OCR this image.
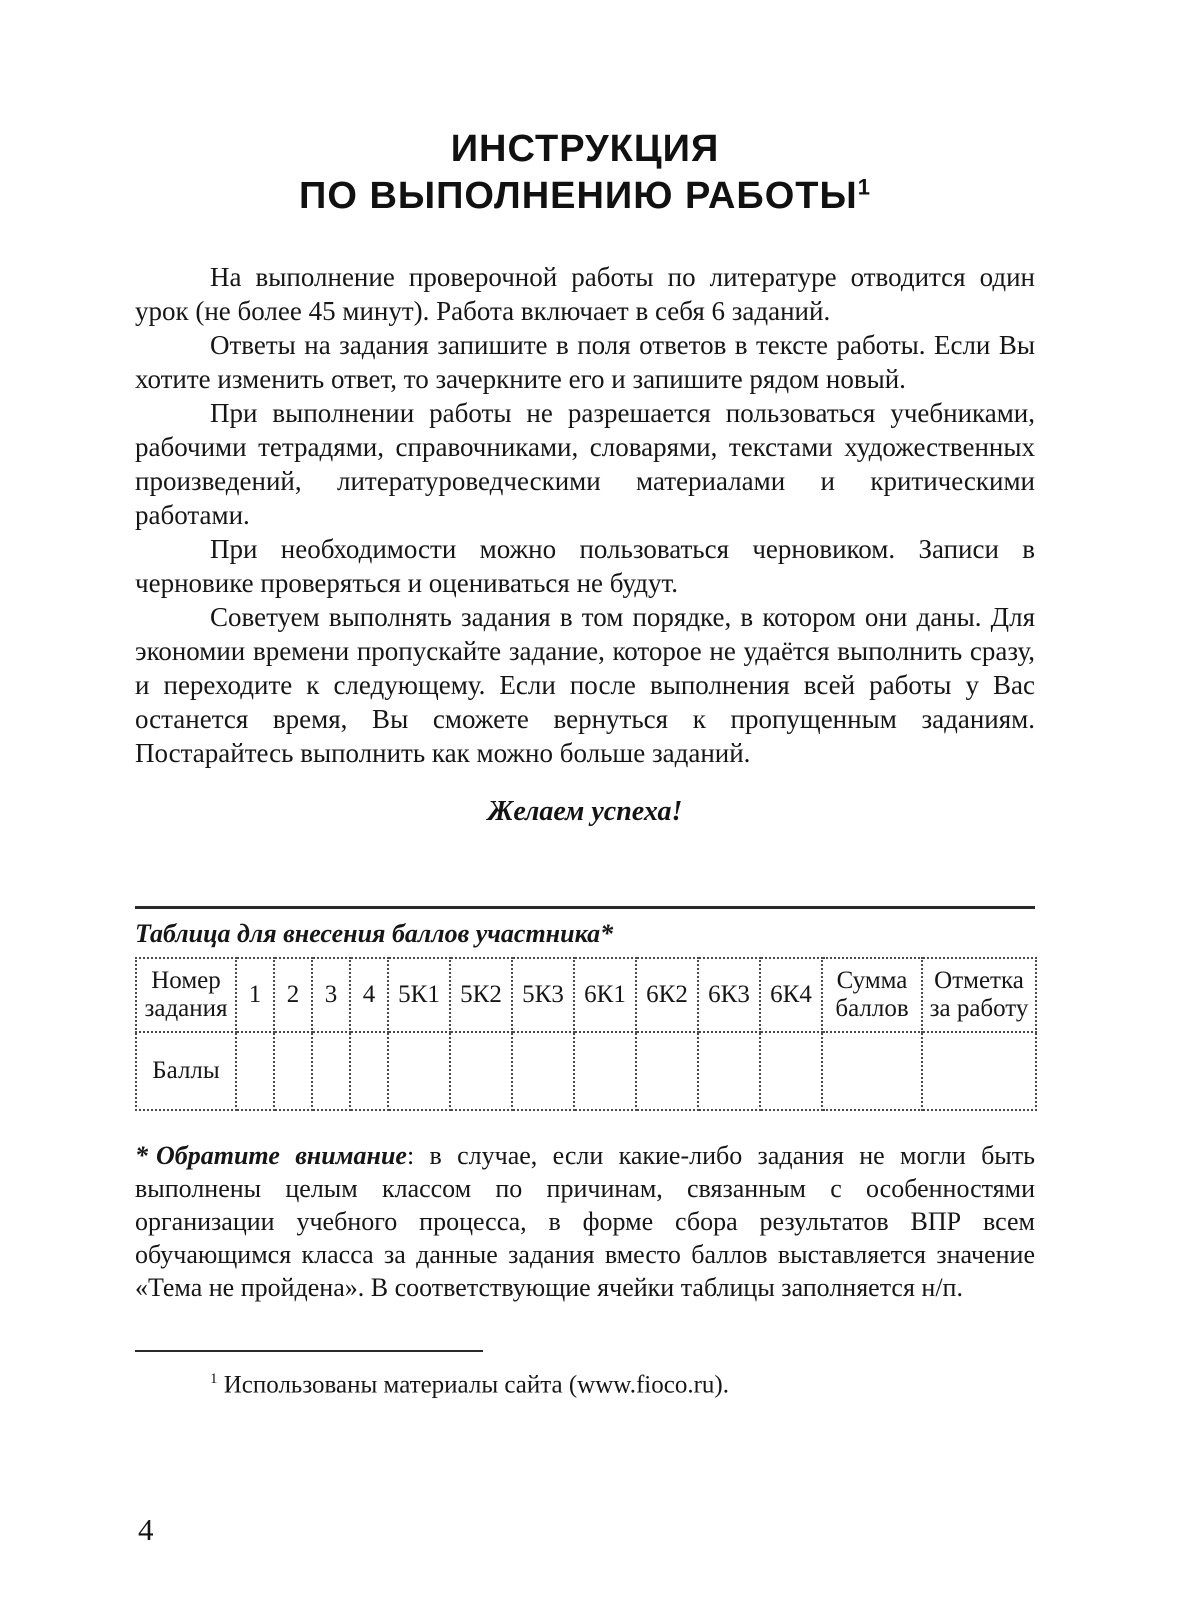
ИНСТРУКЦИЯ
ПО ВЫПОЛНЕНИЮ РАБОТЫ$^1$

На выполнение проверочной работы по литературе отводится один урок (не более 45 минут). Работа включает в себя 6 заданий.

Ответы на задания запишите в поля ответов в тексте работы. Если Вы хотите изменить ответ, то зачеркните его и запишите рядом новый.

При выполнении работы не разрешается пользоваться учебниками, рабочими тетрадями, справочниками, словарями, текстами художественных произведений, литературоведческими материалами и критическими работами.

При необходимости можно пользоваться черновиком. Записи в черновике проверяться и оцениваться не будут.

Советуем выполнять задания в том порядке, в котором они даны. Для экономии времени пропускайте задание, которое не удаётся выполнить сразу, и переходите к следующему. Если после выполнения всей работы у Вас останется время, Вы сможете вернуться к пропущенным заданиям. Постарайтесь выполнить как можно больше заданий.

Желаем успеха!
Таблица для внесения баллов участника*
Номер задания	1	2	3	4	5К1	5К2	5К3	6К1	6К2	6К3	6К4	Сумма баллов	Отметка за работу
Баллы													
* Обратите внимание: в случае, если какие-либо задания не могли быть выполнены целым классом по причинам, связанным с особенностями организации учебного процесса, в форме сбора результатов ВПР всем обучающимся класса за данные задания вместо баллов выставляется значение «Тема не пройдена». В соответствующие ячейки таблицы заполняется н/п.
$^1$ Использованы материалы сайта (www.fioco.ru).
4
